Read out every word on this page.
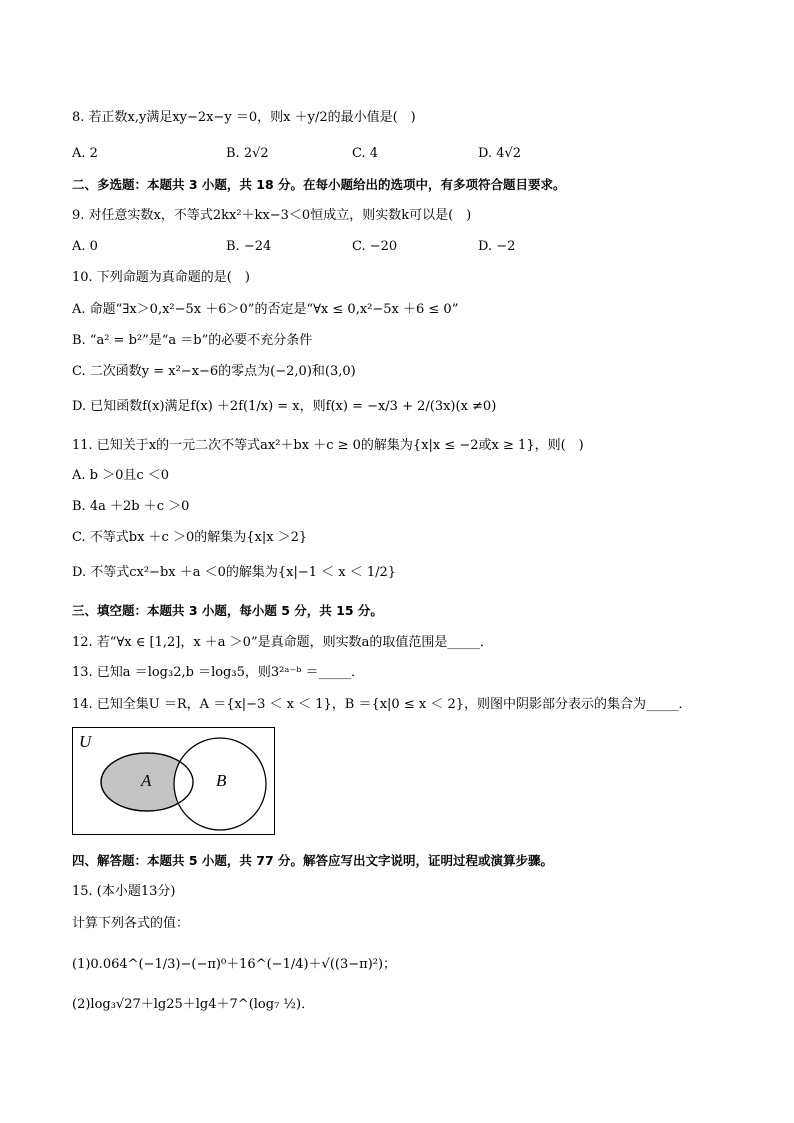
8. 若正数x,y满足xy−2x−y ＝0，则x ＋y/2的最小值是(　)
A. 2	B. 2√2	C. 4	D. 4√2
二、多选题：本题共 3 小题，共 18 分。在每小题给出的选项中，有多项符合题目要求。
9. 对任意实数x，不等式2kx²＋kx−3＜0恒成立，则实数k可以是(　)
A. 0	B. −24	C. −20	D. −2
10. 下列命题为真命题的是(　)
A. 命题“∃x＞0,x²−5x ＋6＞0”的否定是“∀x ≤ 0,x²−5x ＋6 ≤ 0”
B. “a² = b²”是“a ＝b”的必要不充分条件
C. 二次函数y = x²−x−6的零点为(−2,0)和(3,0)
D. 已知函数f(x)满足f(x) ＋2f(1/x) = x，则f(x) = −x/3 + 2/(3x)(x ≠0)
11. 已知关于x的一元二次不等式ax²＋bx ＋c ≥ 0的解集为{x|x ≤ −2或x ≥ 1}，则(　)
A. b ＞0且c ＜0
B. 4a ＋2b ＋c ＞0
C. 不等式bx ＋c ＞0的解集为{x|x ＞2}
D. 不等式cx²−bx ＋a ＜0的解集为{x|−1 ＜ x ＜ 1/2}
三、填空题：本题共 3 小题，每小题 5 分，共 15 分。
12. 若“∀x ∈ [1,2]，x ＋a ＞0”是真命题，则实数a的取值范围是_____．
13. 已知a ＝log₃2,b ＝log₃5，则3²ᵃ⁻ᵇ ＝_____．
14. 已知全集U ＝R，A ＝{x|−3 ＜ x ＜ 1}，B ＝{x|0 ≤ x ＜ 2}，则图中阴影部分表示的集合为_____．
U
A	B
四、解答题：本题共 5 小题，共 77 分。解答应写出文字说明，证明过程或演算步骤。
15. (本小题13分)
计算下列各式的值：
(1)0.064^(−1/3)−(−π)⁰＋16^(−1/4)＋√((3−π)²)；
(2)log₃√27＋lg25＋lg4＋7^(log₇ ½)．
